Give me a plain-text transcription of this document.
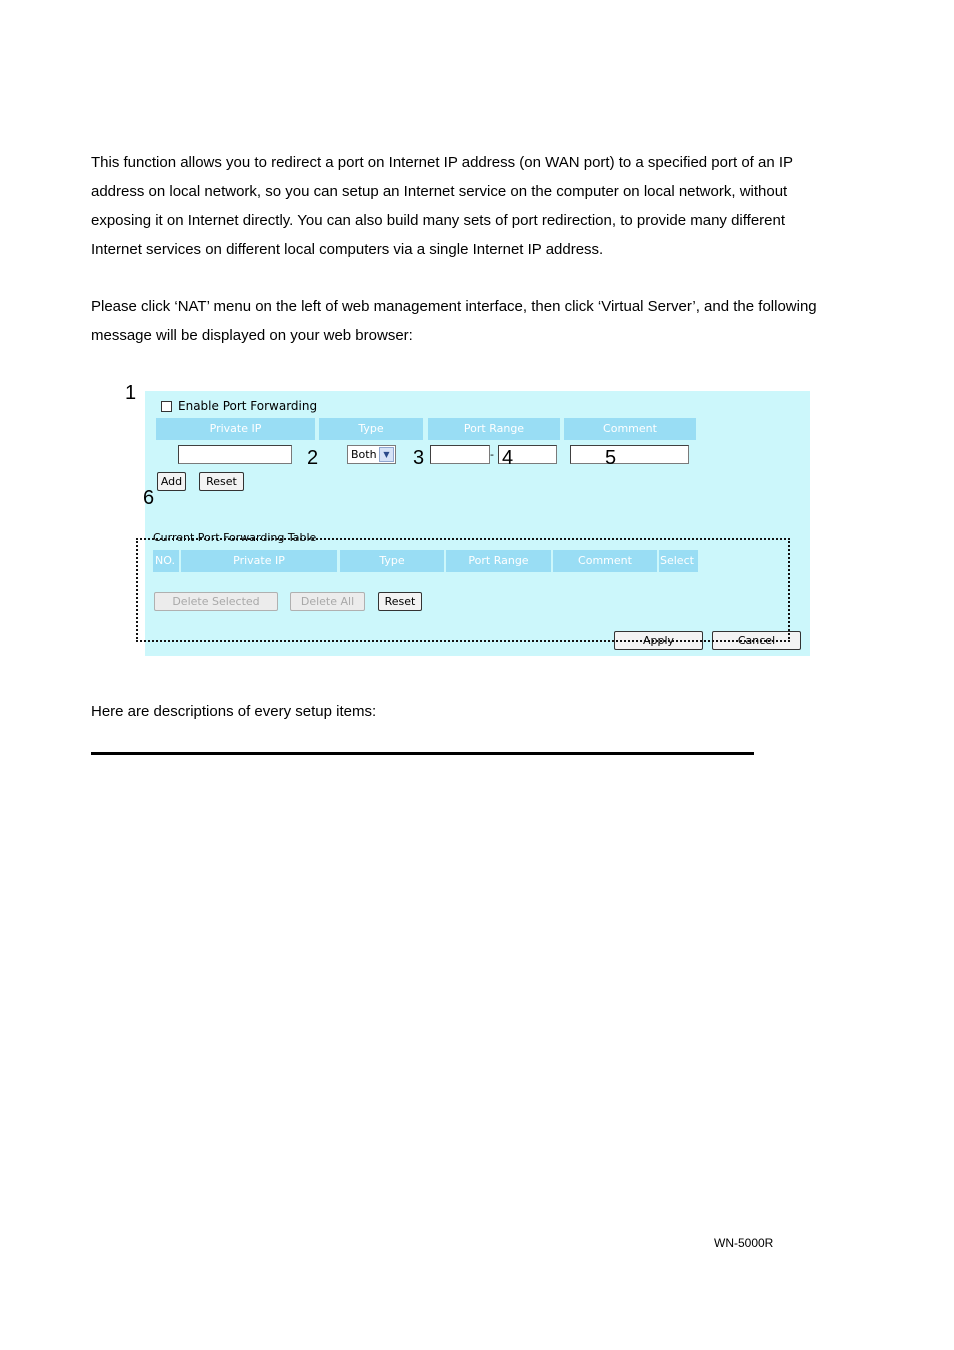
This function allows you to redirect a port on Internet IP address (on WAN port) to a specified port of an IP
address on local network, so you can setup an Internet service on the computer on local network, without
exposing it on Internet directly. You can also build many sets of port redirection, to provide many different
Internet services on different local computers via a single Internet IP address.
Please click ‘NAT’ menu on the left of web management interface, then click ‘Virtual Server’, and the following
message will be displayed on your web browser:
Enable Port Forwarding
Private IP	Type	Port Range	Comment
Both ▼	-
Add	Reset
Current Port Forwarding Table
NO.	Private IP	Type	Port Range	Comment	Select
Delete Selected	Delete All	Reset
Apply	Cancel
1
2	3	4	5
6
Here are descriptions of every setup items:
WN-5000R
